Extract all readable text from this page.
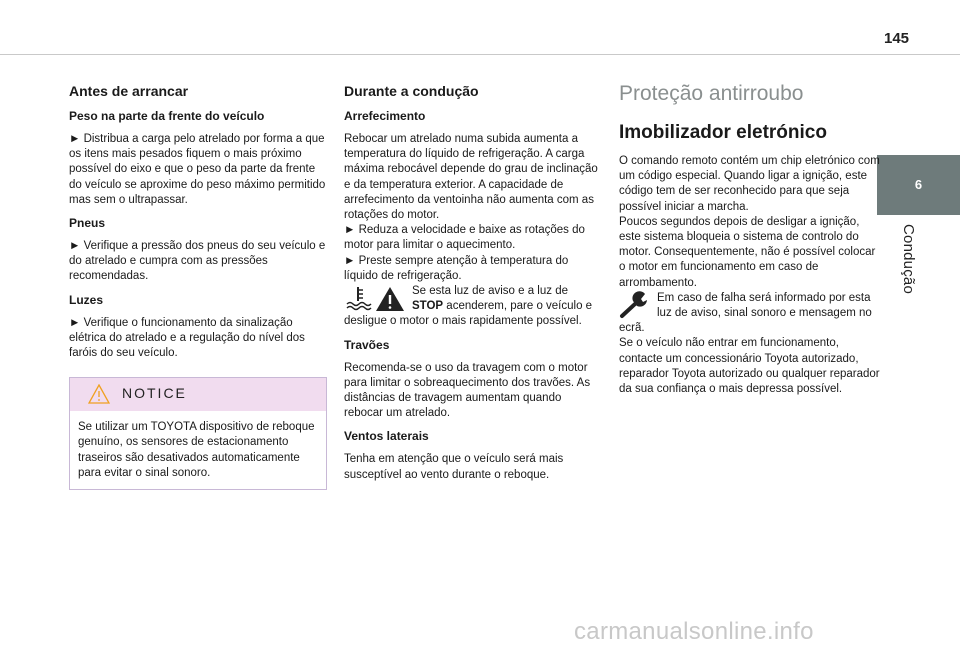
145
6
Condução
Antes de arrancar
Peso na parte da frente do veículo

► Distribua a carga pelo atrelado por forma a que os itens mais pesados fiquem o mais próximo possível do eixo e que o peso da parte da frente do veículo se aproxime do peso máximo permitido mas sem o ultrapassar.

Pneus

► Verifique a pressão dos pneus do seu veículo e do atrelado e cumpra com as pressões recomendadas.

Luzes

► Verifique o funcionamento da sinalização elétrica do atrelado e a regulação do nível dos faróis do seu veículo.

NOTICE
Se utilizar um TOYOTA dispositivo de reboque genuíno, os sensores de estacionamento traseiros são desativados automaticamente para evitar o sinal sonoro.
Durante a condução
Arrefecimento

Rebocar um atrelado numa subida aumenta a temperatura do líquido de refrigeração. A carga máxima rebocável depende do grau de inclinação e da temperatura exterior. A capacidade de arrefecimento da ventoinha não aumenta com as rotações do motor.
► Reduza a velocidade e baixe as rotações do motor para limitar o aquecimento.
► Preste sempre atenção à temperatura do líquido de refrigeração.

Se esta luz de aviso e a luz de STOP acenderem, pare o veículo e desligue o motor o mais rapidamente possível.

Travões

Recomenda-se o uso da travagem com o motor para limitar o sobreaquecimento dos travões. As distâncias de travagem aumentam quando rebocar um atrelado.

Ventos laterais

Tenha em atenção que o veículo será mais susceptível ao vento durante o reboque.

Proteção antirroubo
Imobilizador eletrónico

O comando remoto contém um chip eletrónico com um código especial. Quando ligar a ignição, este código tem de ser reconhecido para que seja possível iniciar a marcha.

Poucos segundos depois de desligar a ignição, este sistema bloqueia o sistema de controlo do motor. Consequentemente, não é possível colocar o motor em funcionamento em caso de arrombamento.

Em caso de falha será informado por esta luz de aviso, sinal sonoro e mensagem no ecrã.

Se o veículo não entrar em funcionamento, contacte um concessionário Toyota autorizado, reparador Toyota autorizado ou qualquer reparador da sua confiança o mais depressa possível.

carmanualsonline.info
